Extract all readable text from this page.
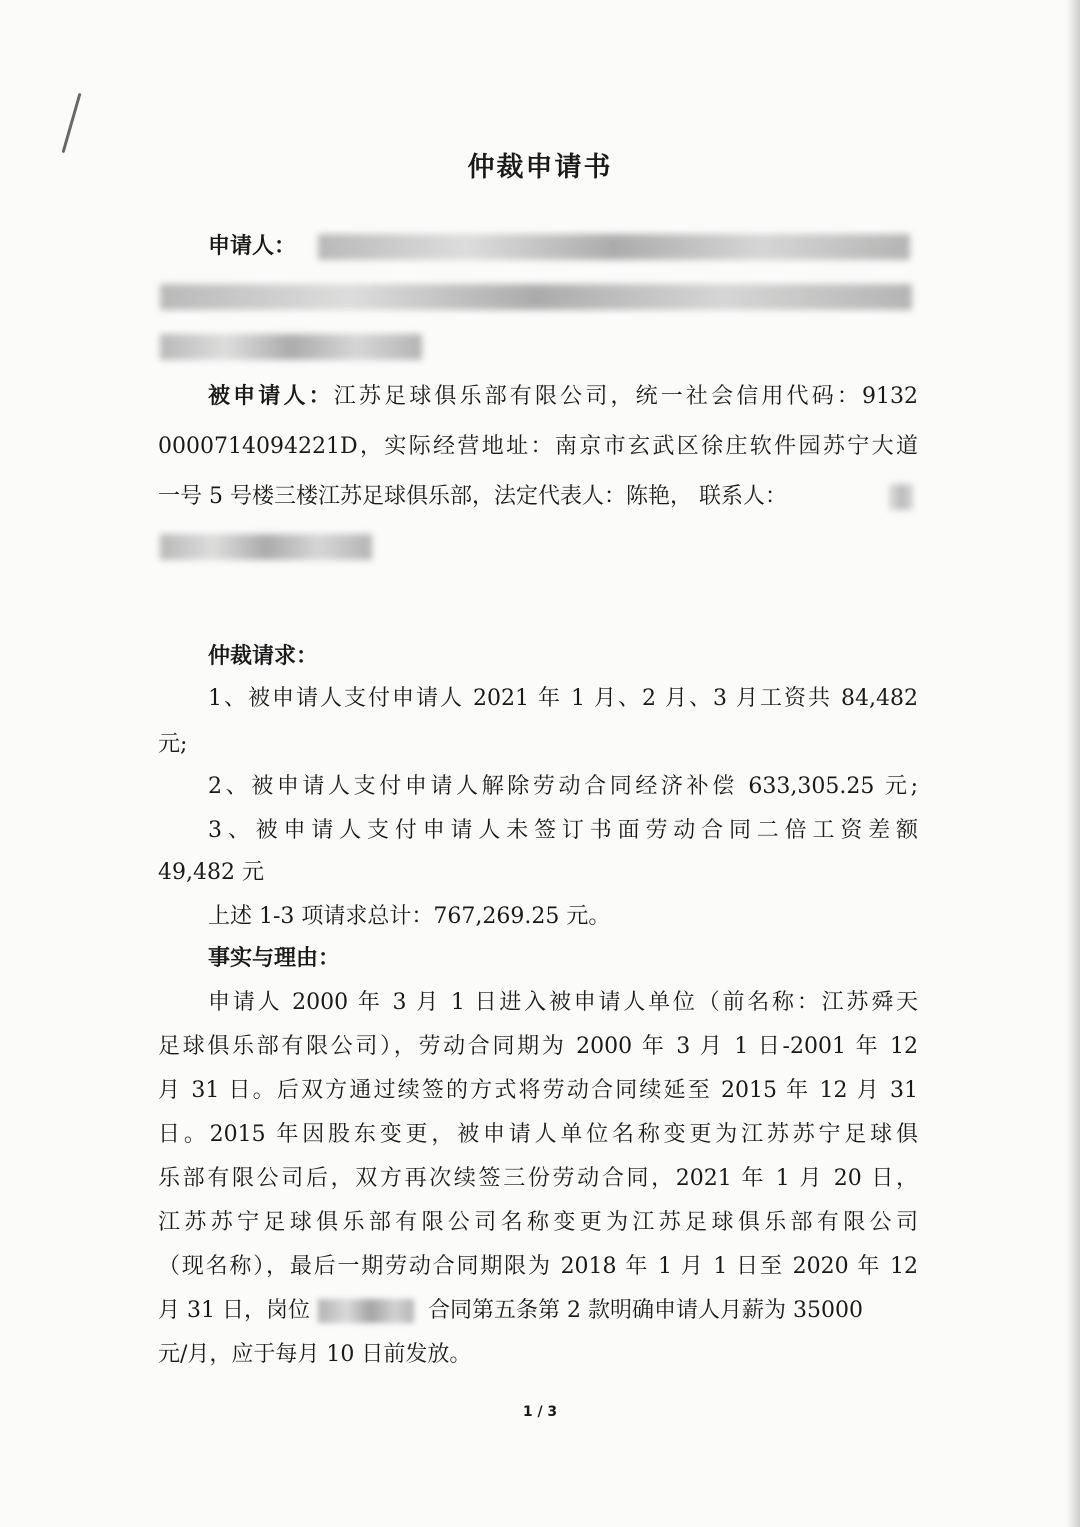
仲裁申请书
申请人：
被申请人：江苏足球俱乐部有限公司，统一社会信用代码：9132
0000714094221D，实际经营地址：南京市玄武区徐庄软件园苏宁大道
一号 5 号楼三楼江苏足球俱乐部，法定代表人：陈艳， 联系人：
仲裁请求：
1、被申请人支付申请人 2021 年 1 月、2 月、3 月工资共 84,482
元;
2、被申请人支付申请人解除劳动合同经济补偿 633,305.25 元;
3、被申请人支付申请人未签订书面劳动合同二倍工资差额
49,482 元
上述 1-3 项请求总计：767,269.25 元。
事实与理由：
申请人 2000 年 3 月 1 日进入被申请人单位（前名称：江苏舜天
足球俱乐部有限公司），劳动合同期为 2000 年 3 月 1 日-2001 年 12
月 31 日。后双方通过续签的方式将劳动合同续延至 2015 年 12 月 31
日。2015 年因股东变更，被申请人单位名称变更为江苏苏宁足球俱
乐部有限公司后，双方再次续签三份劳动合同，2021 年 1 月 20 日，
江苏苏宁足球俱乐部有限公司名称变更为江苏足球俱乐部有限公司
（现名称），最后一期劳动合同期限为 2018 年 1 月 1 日至 2020 年 12
月 31 日，岗位	合同第五条第 2 款明确申请人月薪为 35000
元/月，应于每月 10 日前发放。
1 / 3
